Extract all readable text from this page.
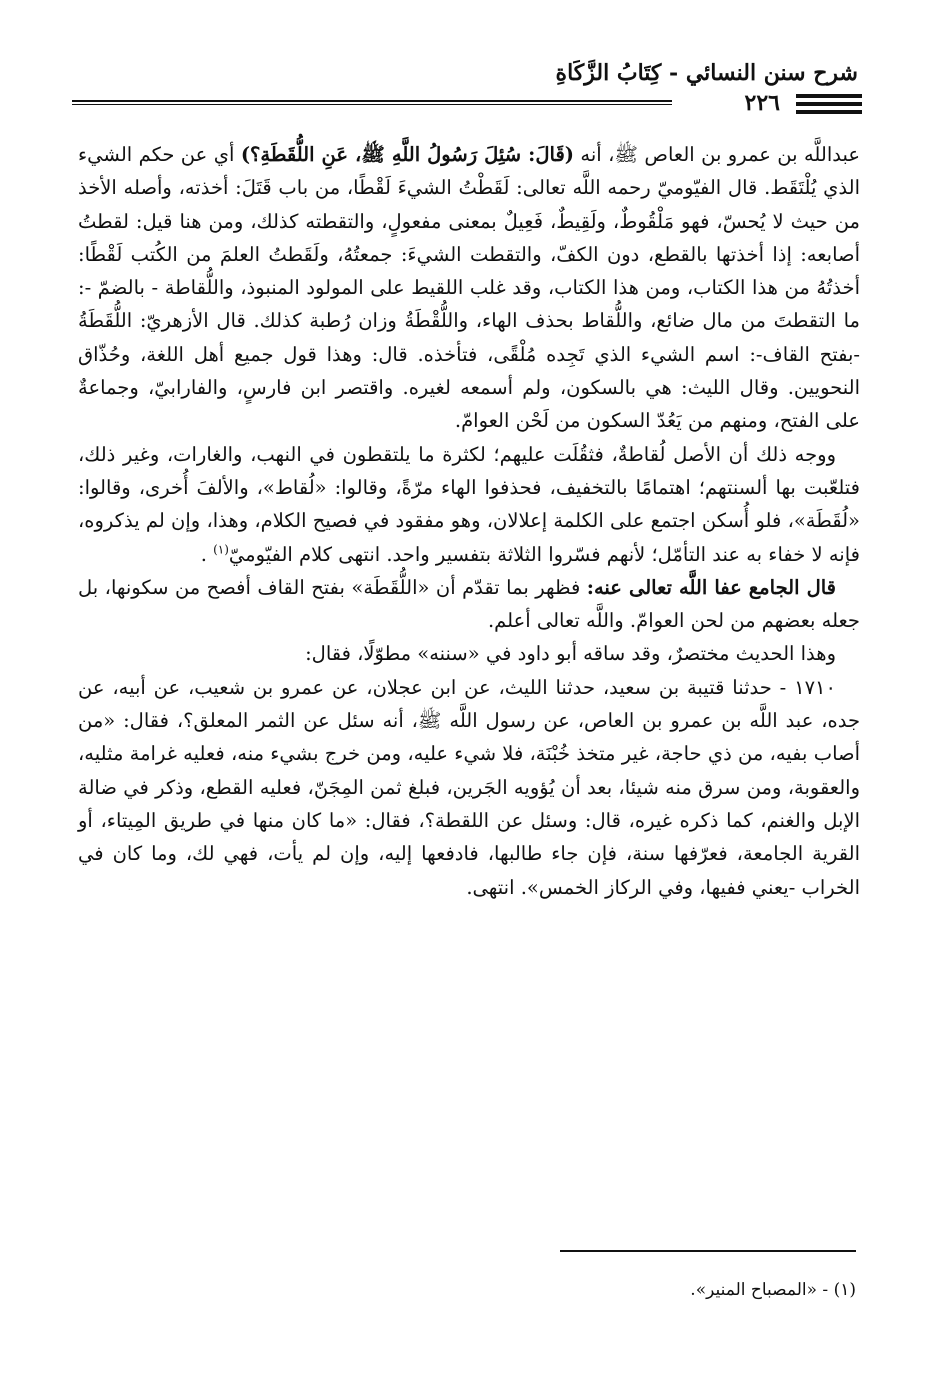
شرح سنن النسائي - كِتَابُ الزَّكَاةِ
٢٢٦

عبداللَّه بن عمرو بن العاص ﷺ، أنه (قَالَ: سُئِلَ رَسُولُ اللَّهِ ﷺ، عَنِ اللُّقَطَةِ؟) أي عن حكم الشيء الذي يُلْتَقَط. قال الفيّوميّ رحمه اللَّه تعالى: لَقَطْتُ الشيءَ لَقْطًا، من باب قَتَلَ: أخذته، وأصله الأخذ من حيث لا يُحسّ، فهو مَلْقُوطٌ، ولَقِيطٌ، فَعِيلٌ بمعنى مفعولٍ، والتقطته كذلك، ومن هنا قيل: لقطتُ أصابعه: إذا أخذتها بالقطع، دون الكفّ، والتقطت الشيءَ: جمعتُهُ، ولَقَطتُ العلمَ من الكُتب لَقْطًا: أخذتُهُ من هذا الكتاب، ومن هذا الكتاب، وقد غلب اللقيط على المولود المنبوذ، واللُّقاطة - بالضمّ -: ما التقطتَ من مال ضائع، واللُّقاط بحذف الهاء، واللُّقْطَةُ وزان رُطبة كذلك. قال الأزهريّ: اللُّقَطَةُ -بفتح القاف-: اسم الشيء الذي تَجِده مُلْقًى، فتأخذه. قال: وهذا قول جميع أهل اللغة، وحُذّاق النحويين. وقال الليث: هي بالسكون، ولم أسمعه لغيره. واقتصر ابن فارسٍ، والفارابيّ، وجماعةٌ على الفتح، ومنهم من يَعُدّ السكون من لَحْن العوامّ.

ووجه ذلك أن الأصل لُقاطةٌ، فثقُلَت عليهم؛ لكثرة ما يلتقطون في النهب، والغارات، وغير ذلك، فتلعّبت بها ألسنتهم؛ اهتمامًا بالتخفيف، فحذفوا الهاء مرّةً، وقالوا: «لُقاط»، والألفَ أُخرى، وقالوا: «لُقَطَة»، فلو أُسكن اجتمع على الكلمة إعلالان، وهو مفقود في فصيح الكلام، وهذا، وإن لم يذكروه، فإنه لا خفاء به عند التأمّل؛ لأنهم فسّروا الثلاثة بتفسير واحد. انتهى كلام الفيّوميّ$^{(١)}$ .

قال الجامع عفا اللَّه تعالى عنه: فظهر بما تقدّم أن «اللُّقَطَة» بفتح القاف أفصح من سكونها، بل جعله بعضهم من لحن العوامّ. واللَّه تعالى أعلم.

وهذا الحديث مختصرٌ، وقد ساقه أبو داود في «سننه» مطوّلًا، فقال:

١٧١٠ - حدثنا قتيبة بن سعيد، حدثنا الليث، عن ابن عجلان، عن عمرو بن شعيب، عن أبيه، عن جده، عبد اللَّه بن عمرو بن العاص، عن رسول اللَّه ﷺ، أنه سئل عن الثمر المعلق؟، فقال: «من أصاب بفيه، من ذي حاجة، غير متخذ خُبْنَة، فلا شيء عليه، ومن خرج بشيء منه، فعليه غرامة مثليه، والعقوبة، ومن سرق منه شيئا، بعد أن يُؤويه الجَرين، فبلغ ثمن المِجَنّ، فعليه القطع، وذكر في ضالة الإبل والغنم، كما ذكره غيره، قال: وسئل عن اللقطة؟، فقال: «ما كان منها في طريق المِيتاء، أو القرية الجامعة، فعرّفها سنة، فإن جاء طالبها، فادفعها إليه، وإن لم يأت، فهي لك، وما كان في الخراب -يعني ففيها، وفي الركاز الخمس». انتهى.

(١) - «المصباح المنير».
